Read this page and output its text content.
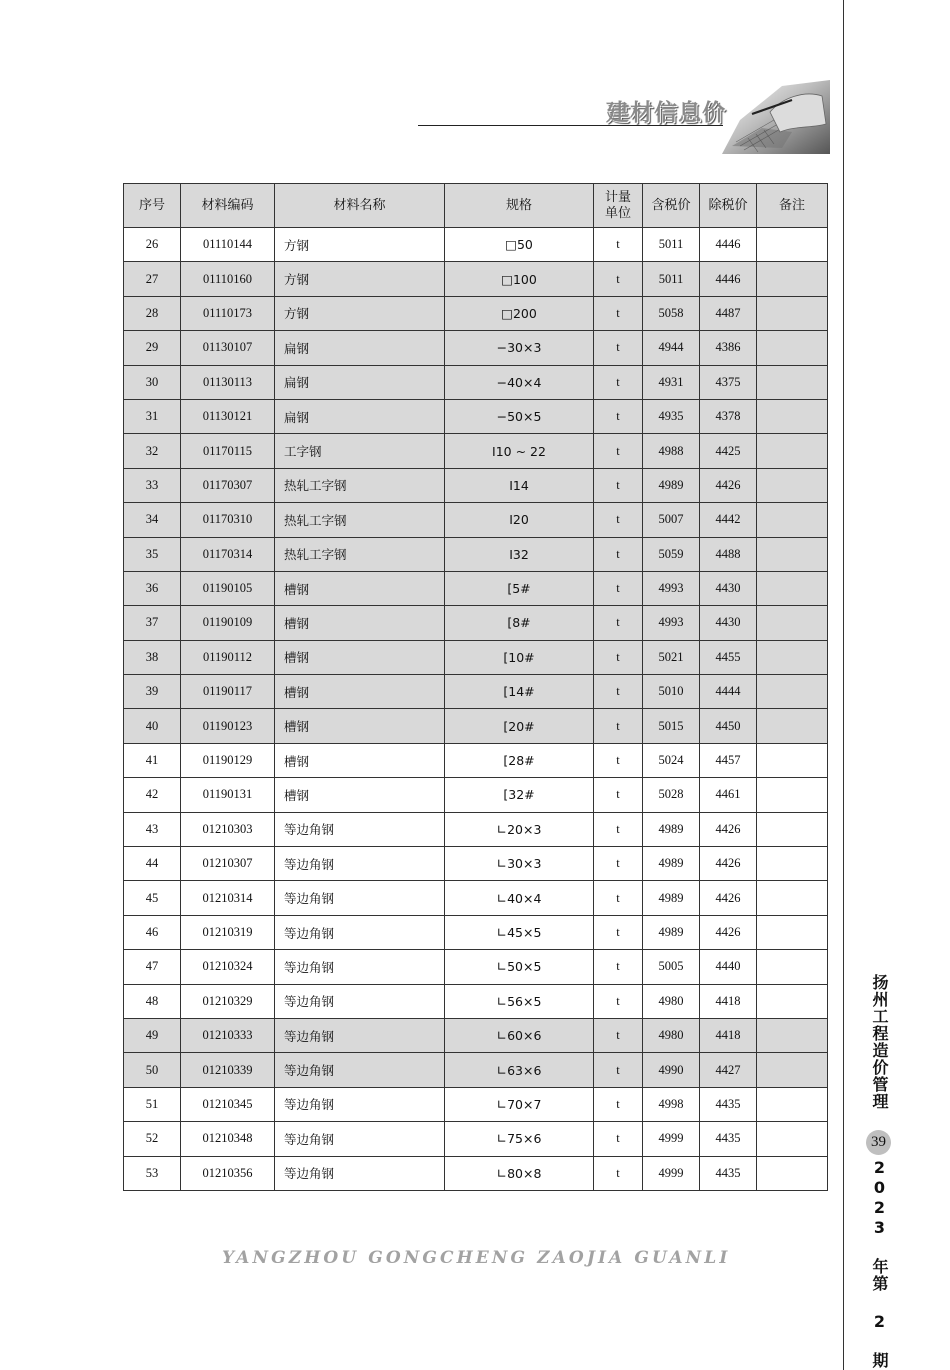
建材信息价
序号	材料编码	材料名称	规格	计量单位	含税价	除税价	备注
26	01110144	方钢	□50	t	5011	4446	
27	01110160	方钢	□100	t	5011	4446	
28	01110173	方钢	□200	t	5058	4487	
29	01130107	扁钢	−30×3	t	4944	4386	
30	01130113	扁钢	−40×4	t	4931	4375	
31	01130121	扁钢	−50×5	t	4935	4378	
32	01170115	工字钢	I10 ~ 22	t	4988	4425	
33	01170307	热轧工字钢	I14	t	4989	4426	
34	01170310	热轧工字钢	I20	t	5007	4442	
35	01170314	热轧工字钢	I32	t	5059	4488	
36	01190105	槽钢	[5#	t	4993	4430	
37	01190109	槽钢	[8#	t	4993	4430	
38	01190112	槽钢	[10#	t	5021	4455	
39	01190117	槽钢	[14#	t	5010	4444	
40	01190123	槽钢	[20#	t	5015	4450	
41	01190129	槽钢	[28#	t	5024	4457	
42	01190131	槽钢	[32#	t	5028	4461	
43	01210303	等边角钢	∟20×3	t	4989	4426	
44	01210307	等边角钢	∟30×3	t	4989	4426	
45	01210314	等边角钢	∟40×4	t	4989	4426	
46	01210319	等边角钢	∟45×5	t	4989	4426	
47	01210324	等边角钢	∟50×5	t	5005	4440	
48	01210329	等边角钢	∟56×5	t	4980	4418	
49	01210333	等边角钢	∟60×6	t	4980	4418	
50	01210339	等边角钢	∟63×6	t	4990	4427	
51	01210345	等边角钢	∟70×7	t	4998	4435	
52	01210348	等边角钢	∟75×6	t	4999	4435	
53	01210356	等边角钢	∟80×8	t	4999	4435	
扬州工程造价管理
39
2023 年第 2 期
YANGZHOU GONGCHENG ZAOJIA GUANLI
